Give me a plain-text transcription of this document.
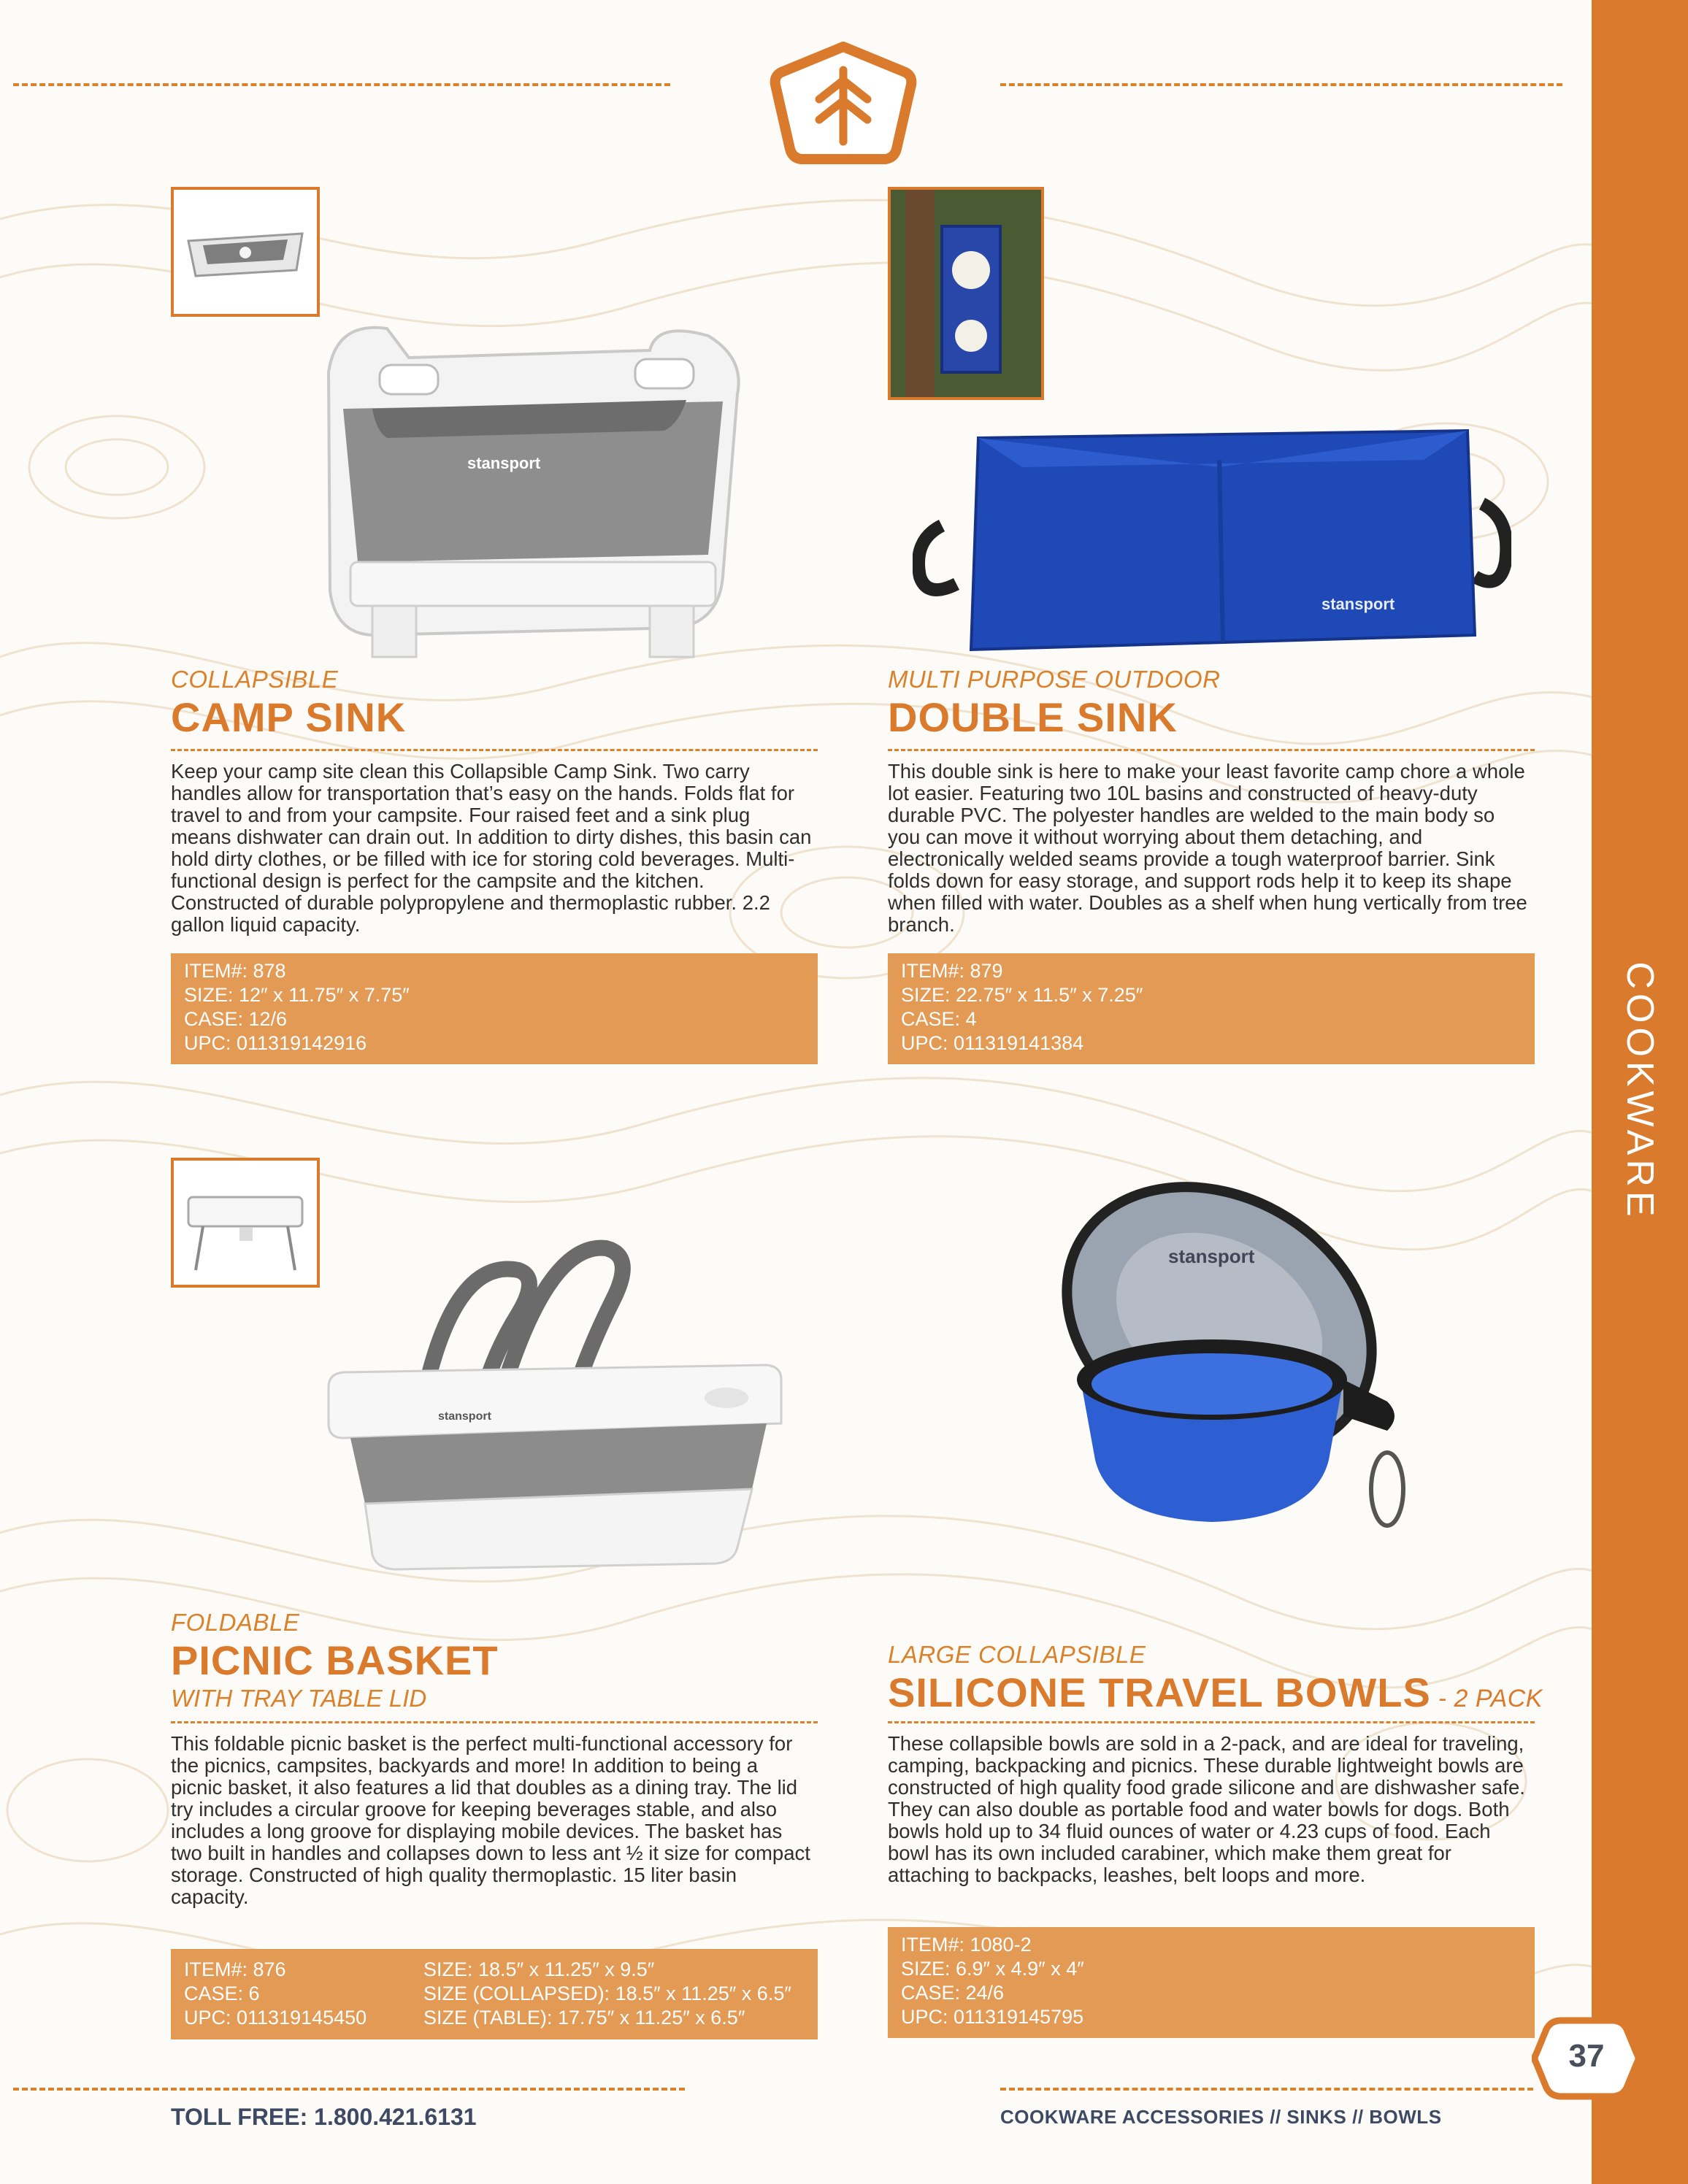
COOKWARE
stansport
COLLAPSIBLE
CAMP SINK
Keep your camp site clean this Collapsible Camp Sink. Two carry handles allow for transportation that’s easy on the hands. Folds flat for travel to and from your campsite. Four raised feet and a sink plug means dishwater can drain out. In addition to dirty dishes, this basin can hold dirty clothes, or be filled with ice for storing cold beverages. Multi-functional design is perfect for the campsite and the kitchen. Constructed of durable polypropylene and thermoplastic rubber. 2.2 gallon liquid capacity.
ITEM#: 878
SIZE: 12″ x 11.75″ x 7.75″
CASE: 12/6
UPC: 011319142916
stansport
MULTI PURPOSE OUTDOOR
DOUBLE SINK
This double sink is here to make your least favorite camp chore a whole lot easier. Featuring two 10L basins and constructed of heavy-duty durable PVC. The polyester handles are welded to the main body so you can move it without worrying about them detaching, and electronically welded seams provide a tough waterproof barrier. Sink folds down for easy storage, and support rods help it to keep its shape when filled with water. Doubles as a shelf when hung vertically from tree branch.
ITEM#: 879
SIZE: 22.75″ x 11.5″ x 7.25″
CASE: 4
UPC: 011319141384
stansport
FOLDABLE
PICNIC BASKET
WITH TRAY TABLE LID
This foldable picnic basket is the perfect multi-functional accessory for the picnics, campsites, backyards and more! In addition to being a picnic basket, it also features a lid that doubles as a dining tray. The lid try includes a circular groove for keeping beverages stable, and also includes a long groove for displaying mobile devices. The basket has two built in handles and collapses down to less ant ½ it size for compact storage. Constructed of high quality thermoplastic. 15 liter basin capacity.
ITEM#: 876
CASE: 6
UPC: 011319145450
SIZE: 18.5″ x 11.25″ x 9.5″
SIZE (COLLAPSED): 18.5″ x 11.25″ x 6.5″
SIZE (TABLE): 17.75″ x 11.25″ x 6.5″
stansport
LARGE COLLAPSIBLE
SILICONE TRAVEL BOWLS - 2 PACK
These collapsible bowls are sold in a 2-pack, and are ideal for traveling, camping, backpacking and picnics. These durable lightweight bowls are constructed of high quality food grade silicone and are dishwasher safe. They can also double as portable food and water bowls for dogs. Both bowls hold up to 34 fluid ounces of water or 4.23 cups of food. Each bowl has its own included carabiner, which make them great for attaching to backpacks, leashes, belt loops and more.
ITEM#: 1080-2
SIZE: 6.9″ x 4.9″ x 4″
CASE: 24/6
UPC: 011319145795
37
TOLL FREE: 1.800.421.6131	COOKWARE ACCESSORIES // SINKS // BOWLS
